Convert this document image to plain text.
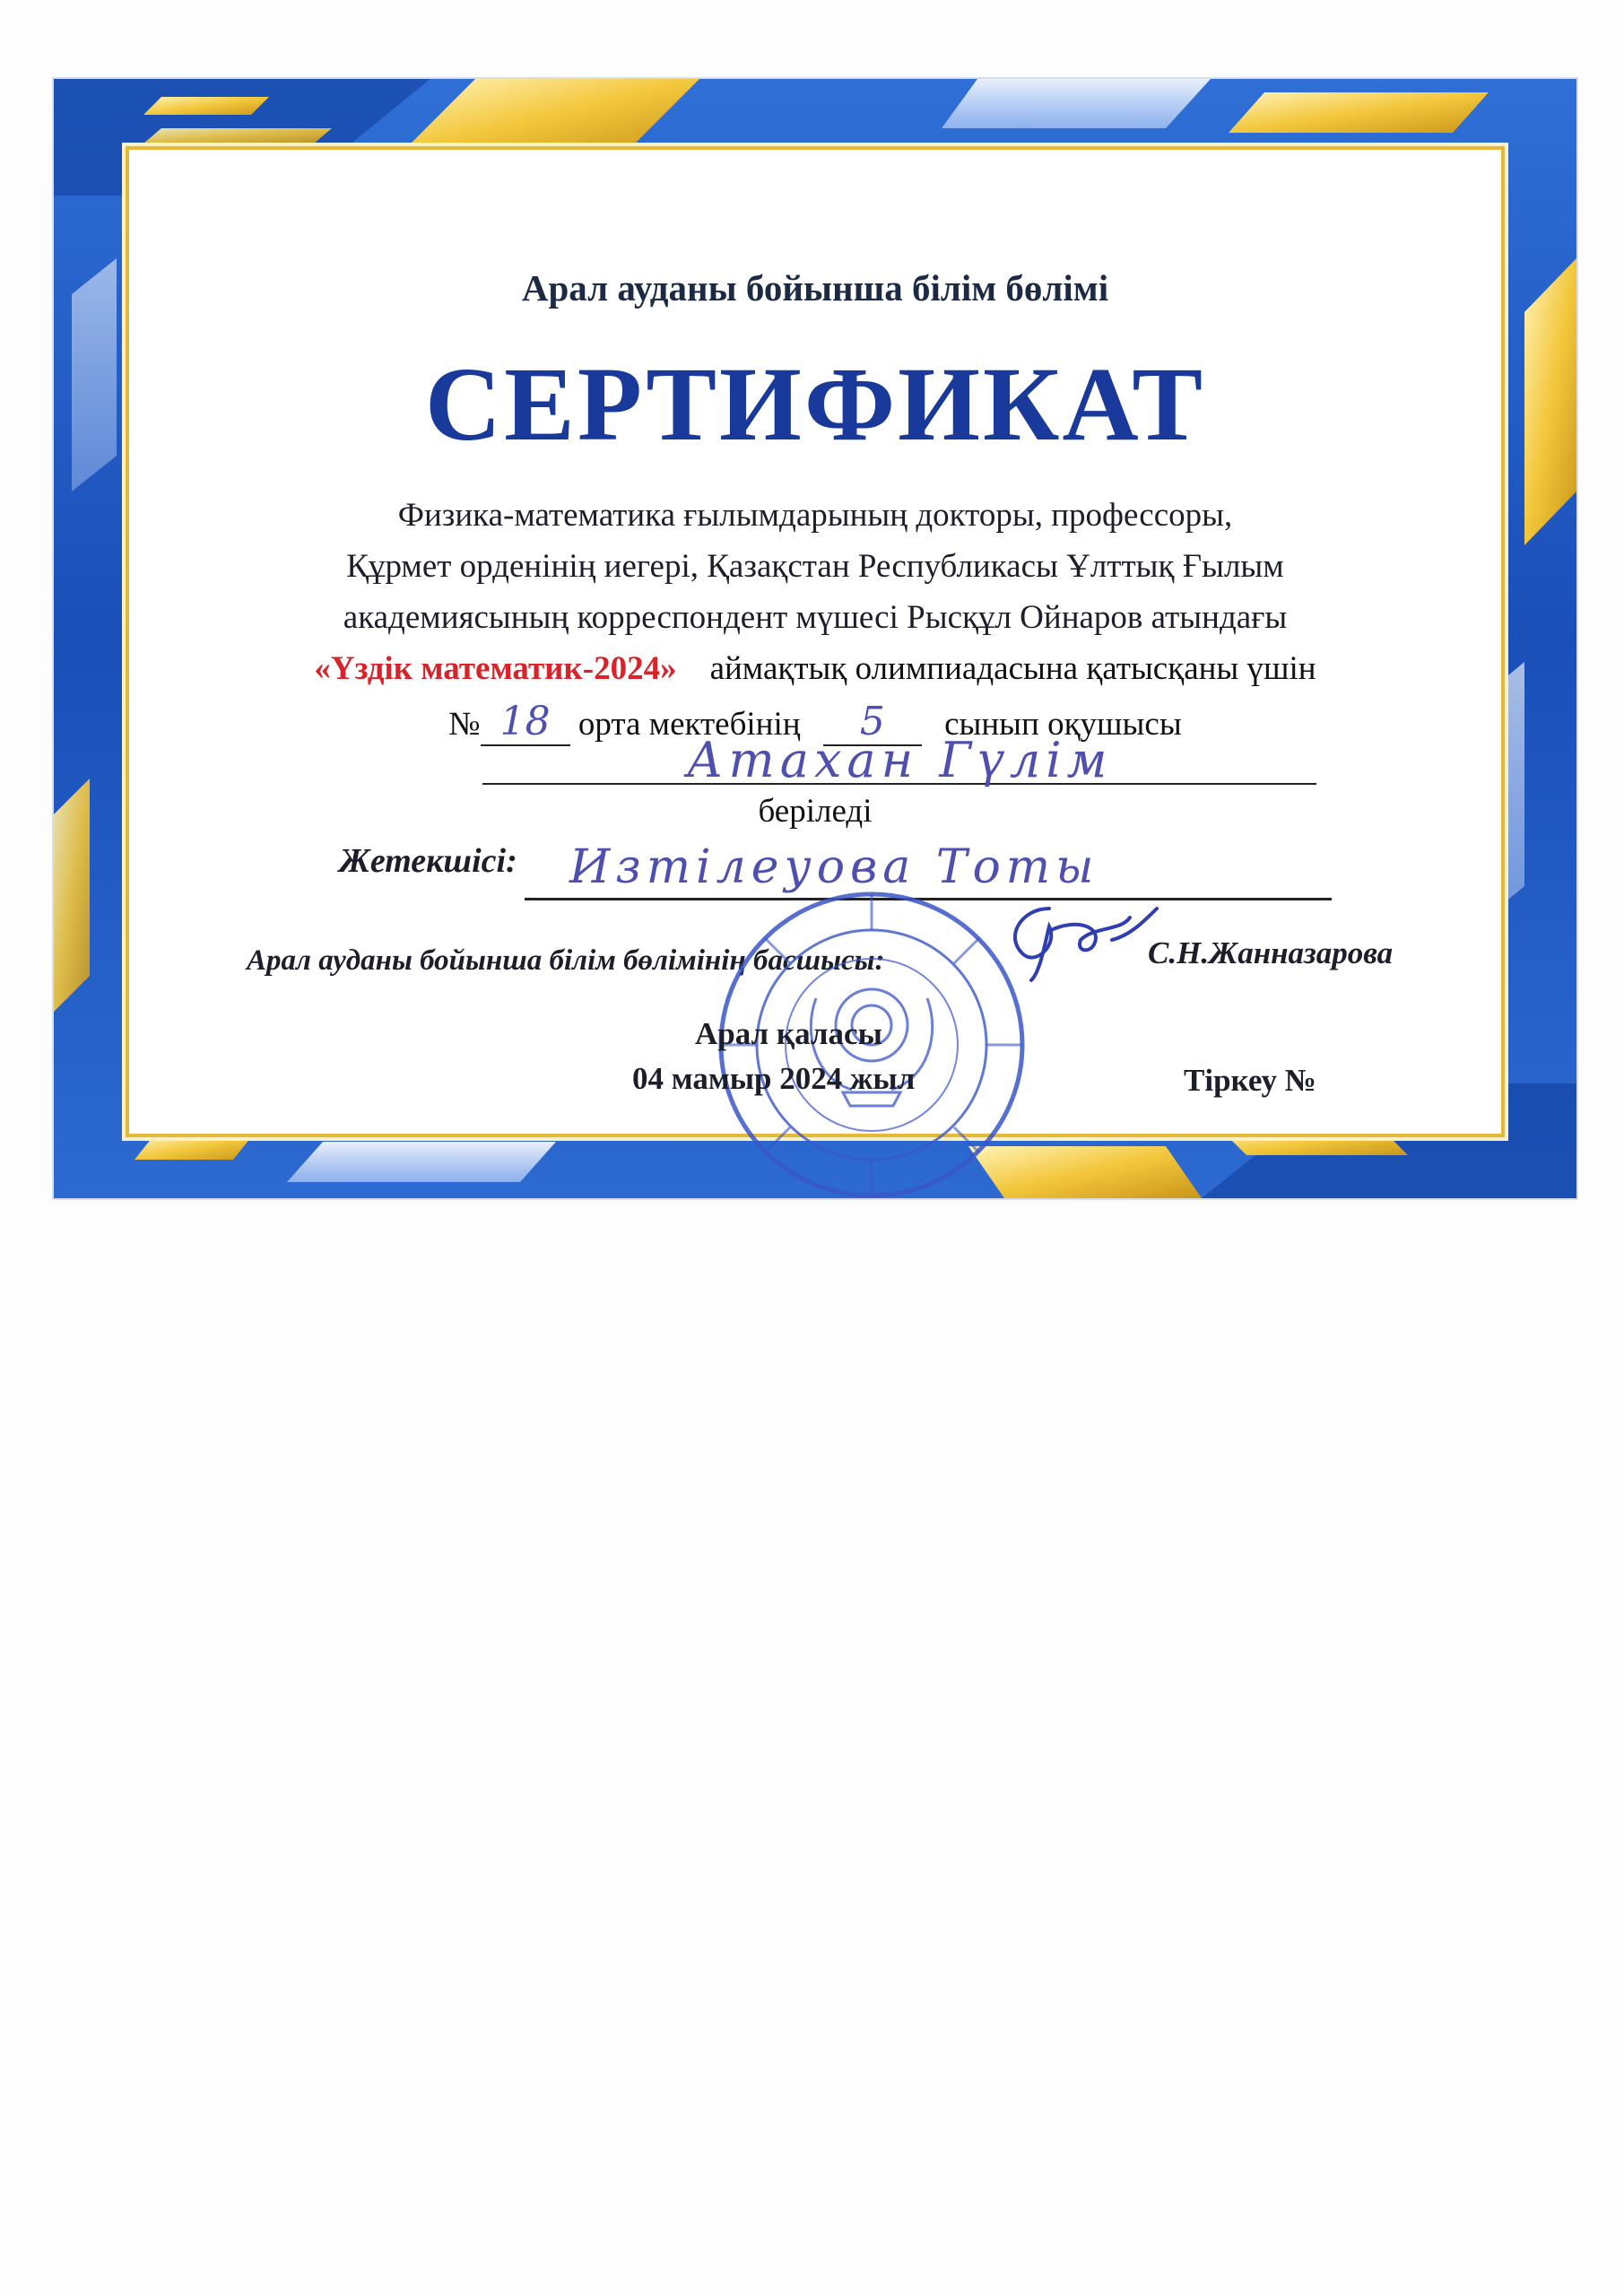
Арал ауданы бойынша білім бөлімі
СЕРТИФИКАТ
Физика-математика ғылымдарының докторы, профессоры,
Құрмет орденінің иегері, Қазақстан Республикасы Ұлттық Ғылым
академиясының корреспондент мүшесі Рысқұл Ойнаров атындағы
«Үздік математик-2024» аймақтық олимпиадасына қатысқаны үшін
№ 18 орта мектебінің 5 сынып оқушысы
Атахан Гүлім
беріледі
Жетекшісі: Изтілеуова Тоты
Арал ауданы бойынша білім бөлімінің басшысы:	С.Н.Жанназарова
Арал қаласы
04 мамыр 2024 жыл	Тіркеу №
